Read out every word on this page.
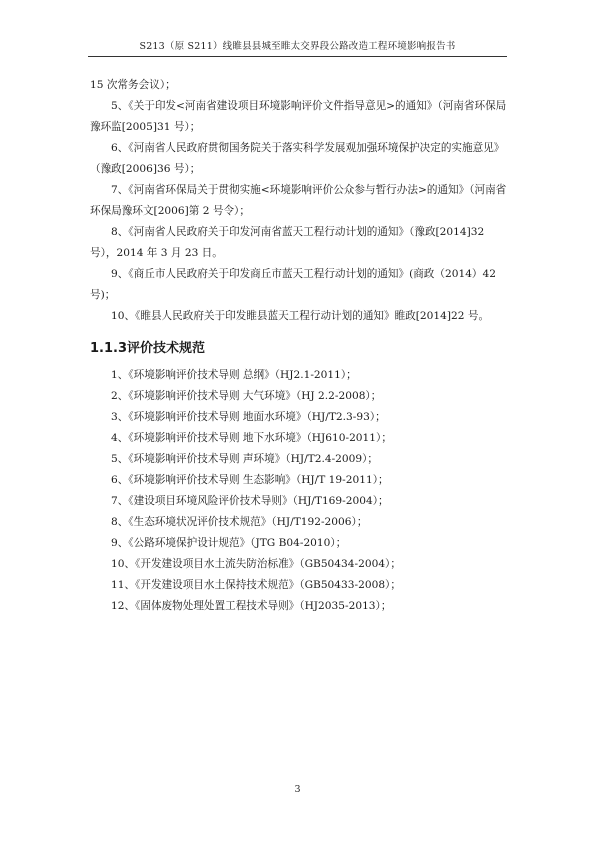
S213（原 S211）线睢县县城至睢太交界段公路改造工程环境影响报告书

15 次常务会议）；

5、《关于印发<河南省建设项目环境影响评价文件指导意见>的通知》（河南省环保局豫环监[2005]31 号）；

6、《河南省人民政府贯彻国务院关于落实科学发展观加强环境保护决定的实施意见》（豫政[2006]36 号）；

7、《河南省环保局关于贯彻实施<环境影响评价公众参与暂行办法>的通知》（河南省环保局豫环文[2006]第 2 号令）；

8、《河南省人民政府关于印发河南省蓝天工程行动计划的通知》（豫政[2014]32 号），2014 年 3 月 23 日。

9、《商丘市人民政府关于印发商丘市蓝天工程行动计划的通知》(商政（2014）42 号)；

10、《睢县人民政府关于印发睢县蓝天工程行动计划的通知》睢政[2014]22 号。

1.1.3评价技术规范

1、《环境影响评价技术导则 总纲》（HJ2.1-2011）；

2、《环境影响评价技术导则 大气环境》（HJ 2.2-2008）；

3、《环境影响评价技术导则 地面水环境》（HJ/T2.3-93）；

4、《环境影响评价技术导则 地下水环境》（HJ610-2011）；

5、《环境影响评价技术导则 声环境》（HJ/T2.4-2009）；

6、《环境影响评价技术导则 生态影响》（HJ/T 19-2011）；

7、《建设项目环境风险评价技术导则》（HJ/T169-2004）；

8、《生态环境状况评价技术规范》（HJ/T192-2006）；

9、《公路环境保护设计规范》（JTG B04-2010）；

10、《开发建设项目水土流失防治标准》（GB50434-2004）；

11、《开发建设项目水土保持技术规范》（GB50433-2008）；

12、《固体废物处理处置工程技术导则》（HJ2035-2013）；

3
